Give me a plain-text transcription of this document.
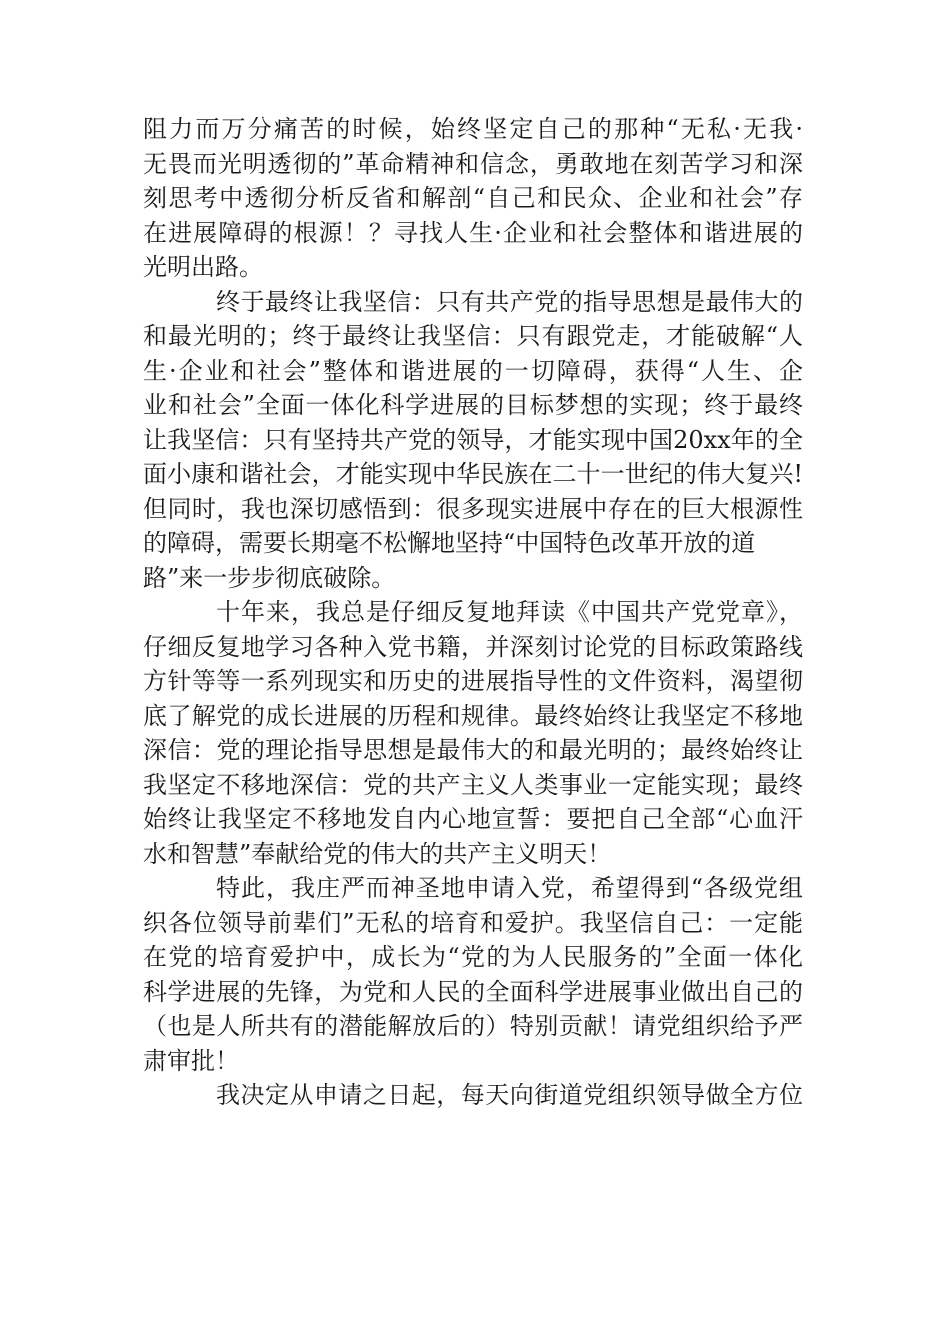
阻力而万分痛苦的时候，始终坚定自己的那种“无私·无我·
无畏而光明透彻的”革命精神和信念，勇敢地在刻苦学习和深
刻思考中透彻分析反省和解剖“自己和民众、企业和社会”存
在进展障碍的根源！？寻找人生·企业和社会整体和谐进展的
光明出路。
终于最终让我坚信：只有共产党的指导思想是最伟大的
和最光明的；终于最终让我坚信：只有跟党走，才能破解“人
生·企业和社会”整体和谐进展的一切障碍，获得“人生、企
业和社会”全面一体化科学进展的目标梦想的实现；终于最终
让我坚信：只有坚持共产党的领导，才能实现中国20xx年的全
面小康和谐社会，才能实现中华民族在二十一世纪的伟大复兴!
但同时，我也深切感悟到：很多现实进展中存在的巨大根源性
的障碍，需要长期毫不松懈地坚持“中国特色改革开放的道
路”来一步步彻底破除。
十年来，我总是仔细反复地拜读《中国共产党党章》，
仔细反复地学习各种入党书籍，并深刻讨论党的目标政策路线
方针等等一系列现实和历史的进展指导性的文件资料，渴望彻
底了解党的成长进展的历程和规律。最终始终让我坚定不移地
深信：党的理论指导思想是最伟大的和最光明的；最终始终让
我坚定不移地深信：党的共产主义人类事业一定能实现；最终
始终让我坚定不移地发自内心地宣誓：要把自己全部“心血汗
水和智慧”奉献给党的伟大的共产主义明天！
特此，我庄严而神圣地申请入党，希望得到“各级党组
织各位领导前辈们”无私的培育和爱护。我坚信自己：一定能
在党的培育爱护中，成长为“党的为人民服务的”全面一体化
科学进展的先锋，为党和人民的全面科学进展事业做出自己的
（也是人所共有的潜能解放后的）特别贡献！请党组织给予严
肃审批！
我决定从申请之日起，每天向街道党组织领导做全方位
